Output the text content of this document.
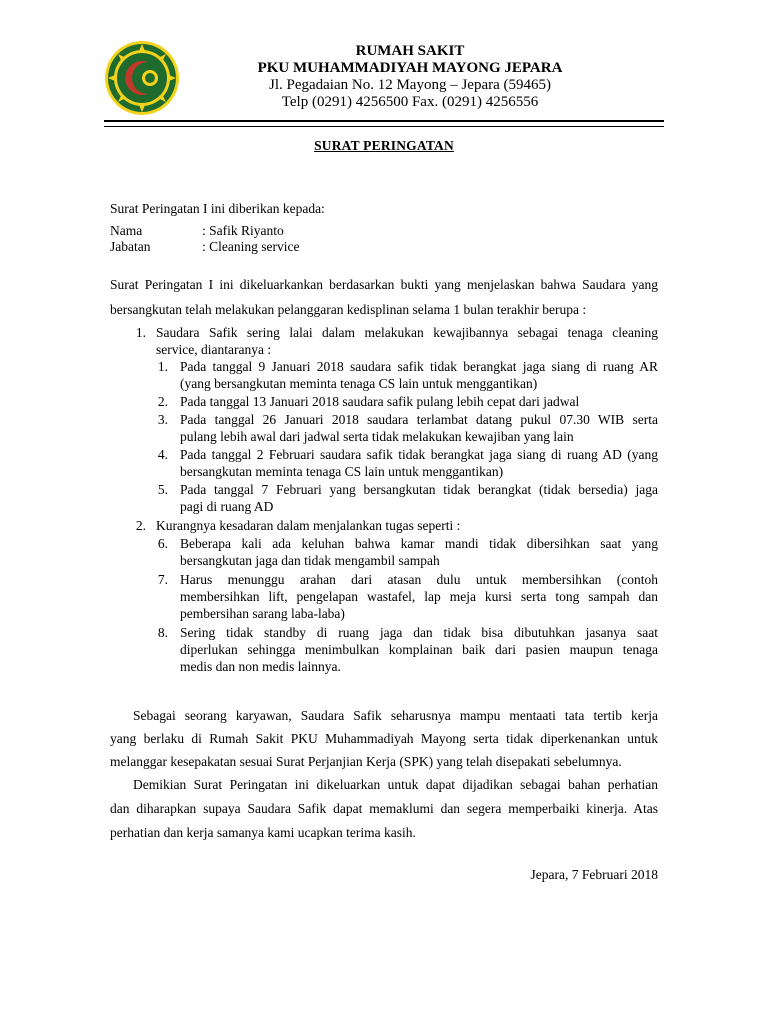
RUMAH SAKIT
PKU MUHAMMADIYAH MAYONG JEPARA
Jl. Pegadaian No. 12 Mayong – Jepara (59465)
Telp (0291) 4256500 Fax. (0291) 4256556
SURAT PERINGATAN
Surat Peringatan I ini diberikan kepada:
Nama	: Safik Riyanto
Jabatan	: Cleaning service
Surat Peringatan I ini dikeluarkankan berdasarkan bukti yang menjelaskan bahwa Saudara yang
bersangkutan telah melakukan pelanggaran kedisplinan selama 1 bulan terakhir berupa :
1. Saudara Safik sering lalai dalam melakukan kewajibannya sebagai tenaga cleaning
service, diantaranya :
1. Pada tanggal 9 Januari 2018 saudara safik tidak berangkat jaga siang di ruang AR
(yang bersangkutan meminta tenaga CS lain untuk menggantikan)
2. Pada tanggal 13 Januari 2018 saudara safik pulang lebih cepat dari jadwal
3. Pada tanggal 26 Januari 2018 saudara terlambat datang pukul 07.30 WIB serta
pulang lebih awal dari jadwal serta tidak melakukan kewajiban yang lain
4. Pada tanggal 2 Februari saudara safik tidak berangkat jaga siang di ruang AD (yang
bersangkutan meminta tenaga CS lain untuk menggantikan)
5. Pada tanggal 7 Februari yang bersangkutan tidak berangkat (tidak bersedia) jaga
pagi di ruang AD
2. Kurangnya kesadaran dalam menjalankan tugas seperti :
6. Beberapa kali ada keluhan bahwa kamar mandi tidak dibersihkan saat yang
bersangkutan jaga dan tidak mengambil sampah
7. Harus menunggu arahan dari atasan dulu untuk membersihkan (contoh
membersihkan lift, pengelapan wastafel, lap meja kursi serta tong sampah dan
pembersihan sarang laba-laba)
8. Sering tidak standby di ruang jaga dan tidak bisa dibutuhkan jasanya saat
diperlukan sehingga menimbulkan komplainan baik dari pasien maupun tenaga
medis dan non medis lainnya.
Sebagai seorang karyawan, Saudara Safik seharusnya mampu mentaati tata tertib kerja
yang berlaku di Rumah Sakit PKU Muhammadiyah Mayong serta tidak diperkenankan untuk
melanggar kesepakatan sesuai Surat Perjanjian Kerja (SPK) yang telah disepakati sebelumnya.
Demikian Surat Peringatan ini dikeluarkan untuk dapat dijadikan sebagai bahan perhatian
dan diharapkan supaya Saudara Safik dapat memaklumi dan segera memperbaiki kinerja. Atas
perhatian dan kerja samanya kami ucapkan terima kasih.
Jepara, 7 Februari 2018
